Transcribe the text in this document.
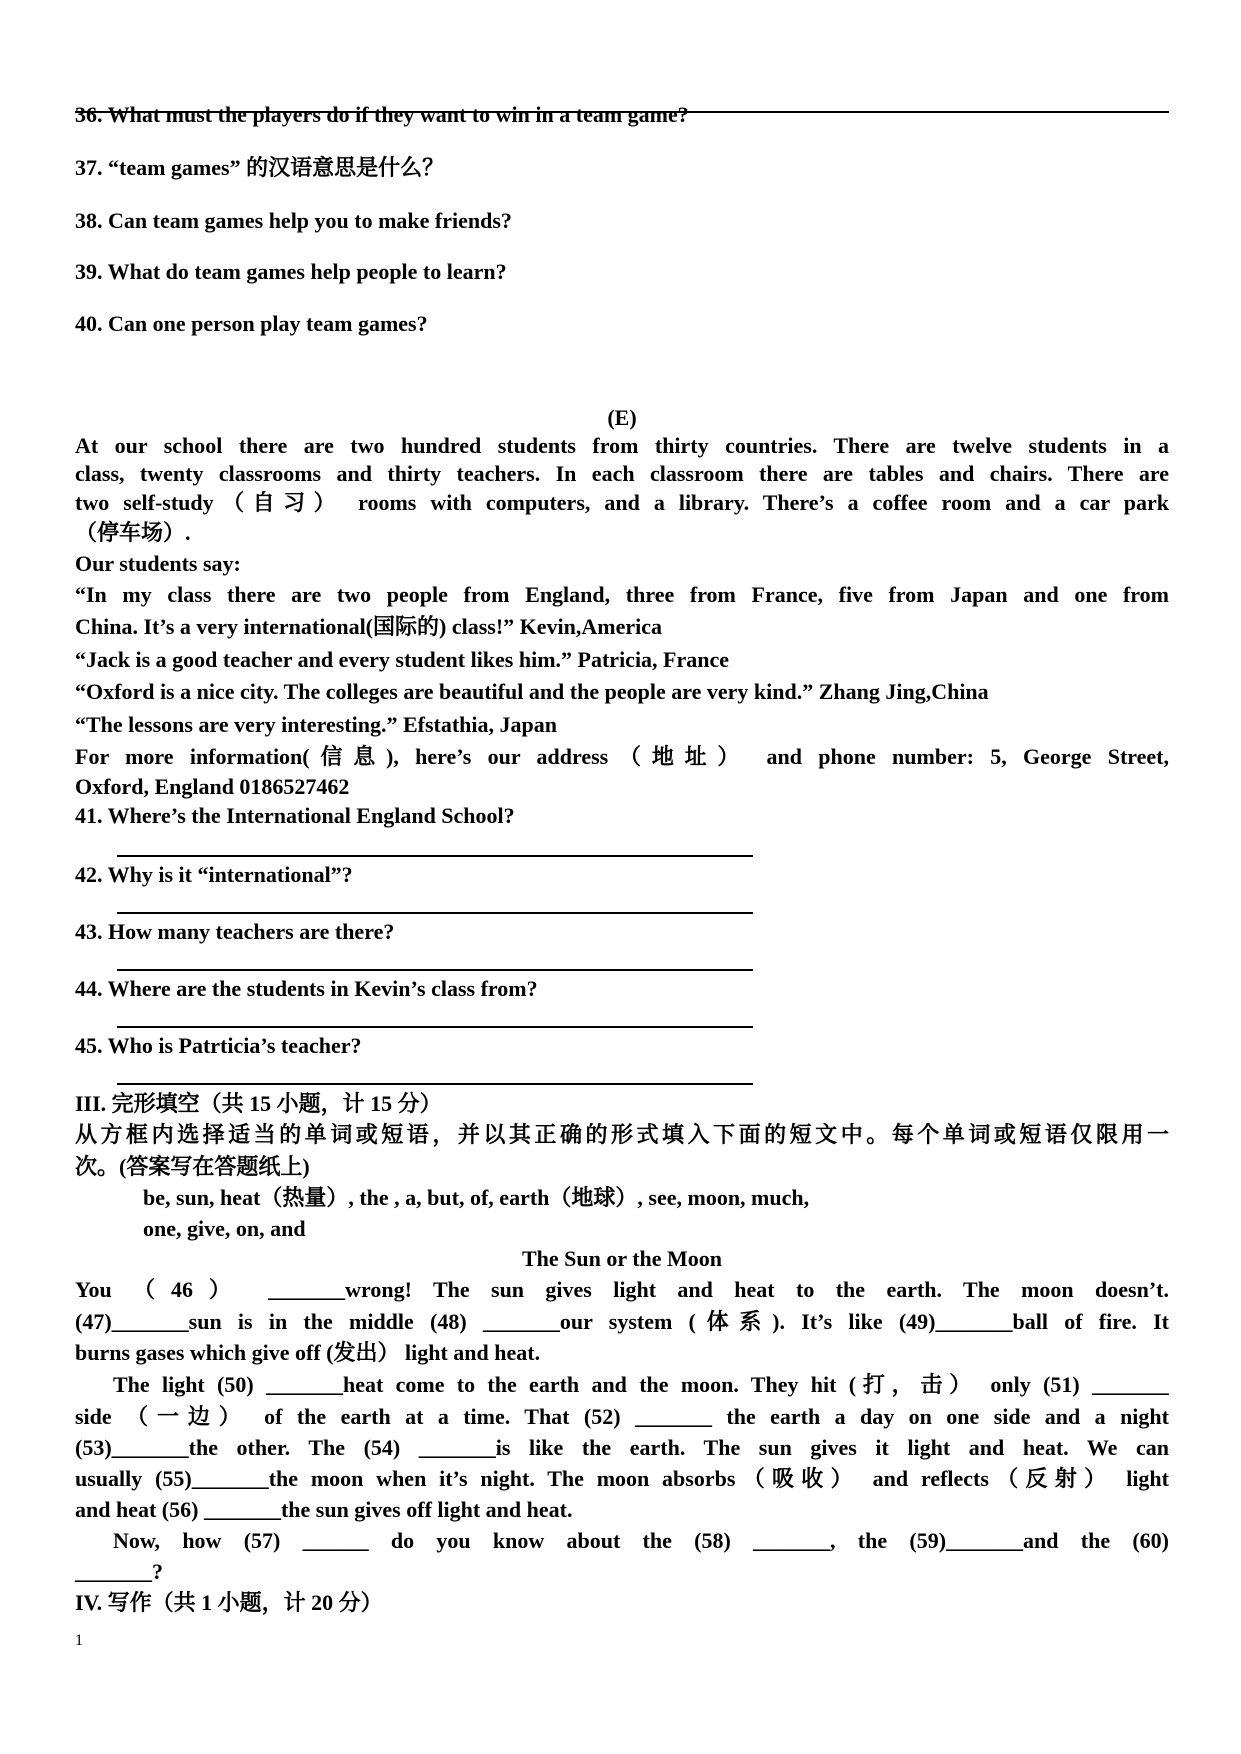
36. What must the players do if they want to win in a team game?
37. “team games” 的汉语意思是什么？
38. Can team games help you to make friends?
39. What do team games help people to learn?
40. Can one person play team games?
(E)
At our school there are two hundred students from thirty countries. There are twelve students in a
class, twenty classrooms and thirty teachers. In each classroom there are tables and chairs. There are
two self-study（自习） rooms with computers, and a library. There’s a coffee room and a car park
（停车场）.
Our students say:
“In my class there are two people from England, three from France, five from Japan and one from
China. It’s a very international(国际的) class!” Kevin,America
“Jack is a good teacher and every student likes him.” Patricia, France
“Oxford is a nice city. The colleges are beautiful and the people are very kind.” Zhang Jing,China
“The lessons are very interesting.” Efstathia, Japan
For more information(信息), here’s our address（地址） and phone number: 5, George Street,
Oxford, England 0186527462
41. Where’s the International England School?
42. Why is it “international”?
43. How many teachers are there?
44. Where are the students in Kevin’s class from?
45. Who is Patrticia’s teacher?
III. 完形填空（共 15 小题，计 15 分）
从方框内选择适当的单词或短语，并以其正确的形式填入下面的短文中。每个单词或短语仅限用一
次。(答案写在答题纸上)
be, sun, heat（热量）, the , a, but, of, earth（地球）, see, moon, much,
one, give, on, and
The Sun or the Moon
You （46） _______wrong! The sun gives light and heat to the earth. The moon doesn’t.
(47)_______sun is in the middle (48) _______our system (体系). It’s like (49)_______ball of fire. It
burns gases which give off (发出） light and heat.
The light (50) _______heat come to the earth and the moon. They hit (打，击） only (51) _______
side （一边） of the earth at a time. That (52) _______ the earth a day on one side and a night
(53)_______the other. The (54) _______is like the earth. The sun gives it light and heat. We can
usually (55)_______the moon when it’s night. The moon absorbs（吸收） and reflects（反射） light
and heat (56) _______the sun gives off light and heat.
Now, how (57) ______ do you know about the (58) _______, the (59)_______and the (60)
_______?
IV. 写作（共 1 小题，计 20 分）
1
